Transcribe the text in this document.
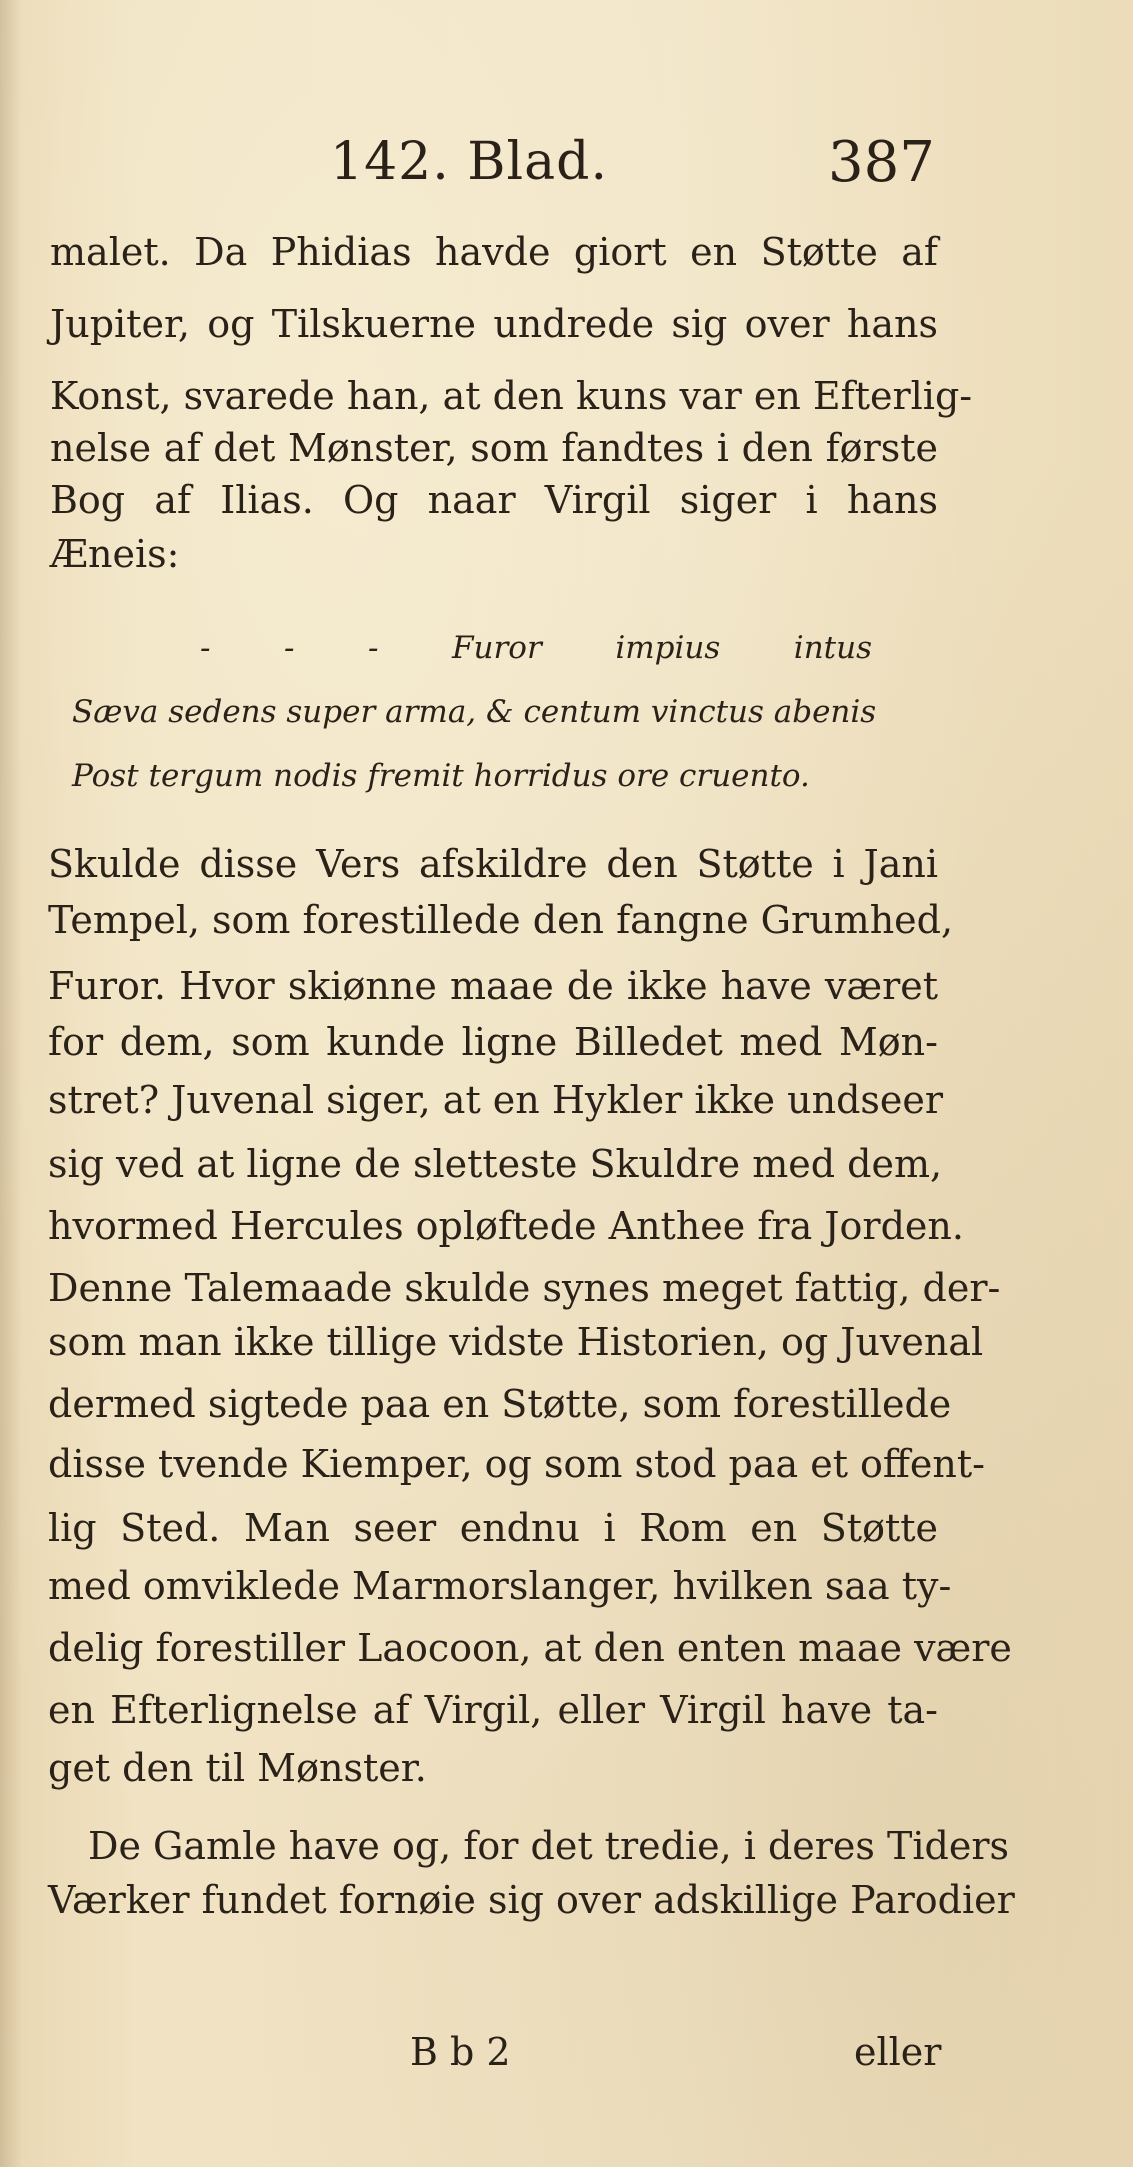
142. Blad.	387
malet. Da Phidias havde giort en Støtte af
Jupiter, og Tilskuerne undrede sig over hans
Konst, svarede han, at den kuns var en Efterlig-
nelse af det Mønster, som fandtes i den første
Bog af Ilias. Og naar Virgil siger i hans
Æneis:
- - - Furor impius intus
Sæva sedens super arma, & centum vinctus abenis
Post tergum nodis fremit horridus ore cruento.
Skulde disse Vers afskildre den Støtte i Jani
Tempel, som forestillede den fangne Grumhed,
Furor. Hvor skiønne maae de ikke have været
for dem, som kunde ligne Billedet med Møn-
stret? Juvenal siger, at en Hykler ikke undseer
sig ved at ligne de sletteste Skuldre med dem,
hvormed Hercules opløftede Anthee fra Jorden.
Denne Talemaade skulde synes meget fattig, der-
som man ikke tillige vidste Historien, og Juvenal
dermed sigtede paa en Støtte, som forestillede
disse tvende Kiemper, og som stod paa et offent-
lig Sted. Man seer endnu i Rom en Støtte
med omviklede Marmorslanger, hvilken saa ty-
delig forestiller Laocoon, at den enten maae være
en Efterlignelse af Virgil, eller Virgil have ta-
get den til Mønster.
De Gamle have og, for det tredie, i deres Tiders
Værker fundet fornøie sig over adskillige Parodier
B b 2	eller
